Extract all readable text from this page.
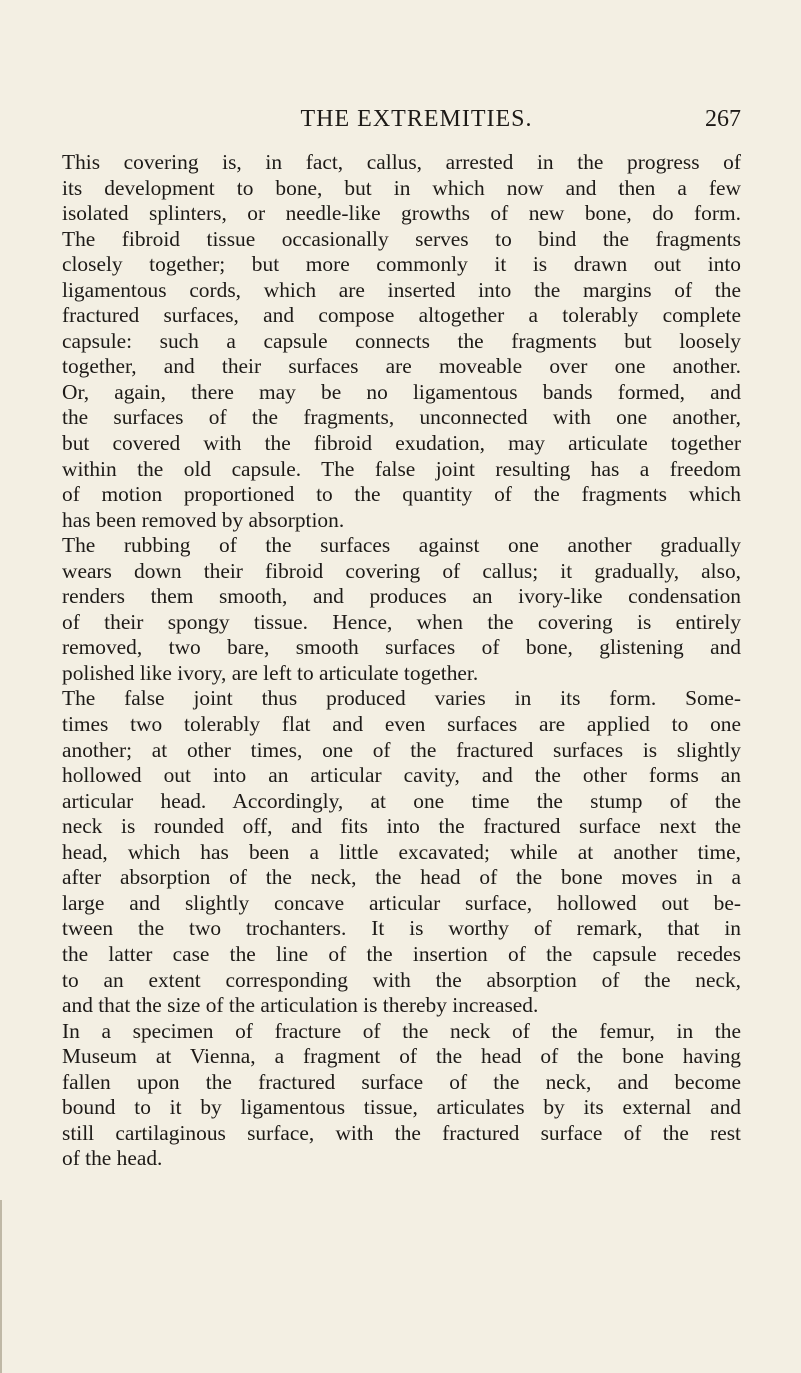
THE EXTREMITIES.	267
This covering is, in fact, callus, arrested in the progress of
its development to bone, but in which now and then a few
isolated splinters, or needle-like growths of new bone, do form.
The fibroid tissue occasionally serves to bind the fragments
closely together; but more commonly it is drawn out into
ligamentous cords, which are inserted into the margins of the
fractured surfaces, and compose altogether a tolerably complete
capsule: such a capsule connects the fragments but loosely
together, and their surfaces are moveable over one another.
Or, again, there may be no ligamentous bands formed, and
the surfaces of the fragments, unconnected with one another,
but covered with the fibroid exudation, may articulate together
within the old capsule. The false joint resulting has a freedom
of motion proportioned to the quantity of the fragments which
has been removed by absorption.
The rubbing of the surfaces against one another gradually
wears down their fibroid covering of callus; it gradually, also,
renders them smooth, and produces an ivory-like condensation
of their spongy tissue. Hence, when the covering is entirely
removed, two bare, smooth surfaces of bone, glistening and
polished like ivory, are left to articulate together.
The false joint thus produced varies in its form. Some-
times two tolerably flat and even surfaces are applied to one
another; at other times, one of the fractured surfaces is slightly
hollowed out into an articular cavity, and the other forms an
articular head. Accordingly, at one time the stump of the
neck is rounded off, and fits into the fractured surface next the
head, which has been a little excavated; while at another time,
after absorption of the neck, the head of the bone moves in a
large and slightly concave articular surface, hollowed out be-
tween the two trochanters. It is worthy of remark, that in
the latter case the line of the insertion of the capsule recedes
to an extent corresponding with the absorption of the neck,
and that the size of the articulation is thereby increased.
In a specimen of fracture of the neck of the femur, in the
Museum at Vienna, a fragment of the head of the bone having
fallen upon the fractured surface of the neck, and become
bound to it by ligamentous tissue, articulates by its external and
still cartilaginous surface, with the fractured surface of the rest
of the head.
